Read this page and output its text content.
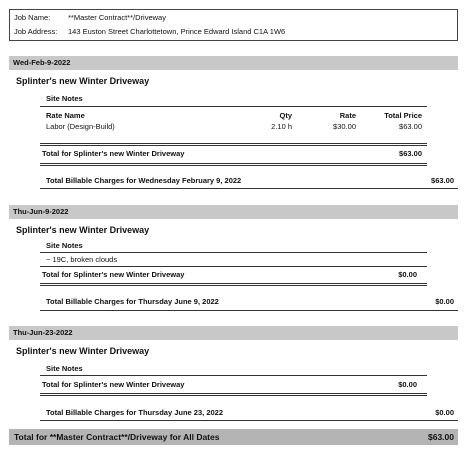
Job Name: **Master Contract**/Driveway
Job Address: 143 Euston Street Charlottetown, Prince Edward Island C1A 1W6
Wed-Feb-9-2022
Splinter's new Winter Driveway
Site Notes
Rate Name	Qty	Rate	Total Price
Labor (Design-Build)	2.10 h	$30.00	$63.00
Total for Splinter's new Winter Driveway	$63.00
Total Billable Charges for Wednesday February 9, 2022	$63.00
Thu-Jun-9-2022
Splinter's new Winter Driveway
Site Notes
~ 19C, broken clouds
Total for Splinter's new Winter Driveway	$0.00
Total Billable Charges for Thursday June 9, 2022	$0.00
Thu-Jun-23-2022
Splinter's new Winter Driveway
Site Notes
Total for Splinter's new Winter Driveway	$0.00
Total Billable Charges for Thursday June 23, 2022	$0.00
Total for **Master Contract**/Driveway for All Dates	$63.00
